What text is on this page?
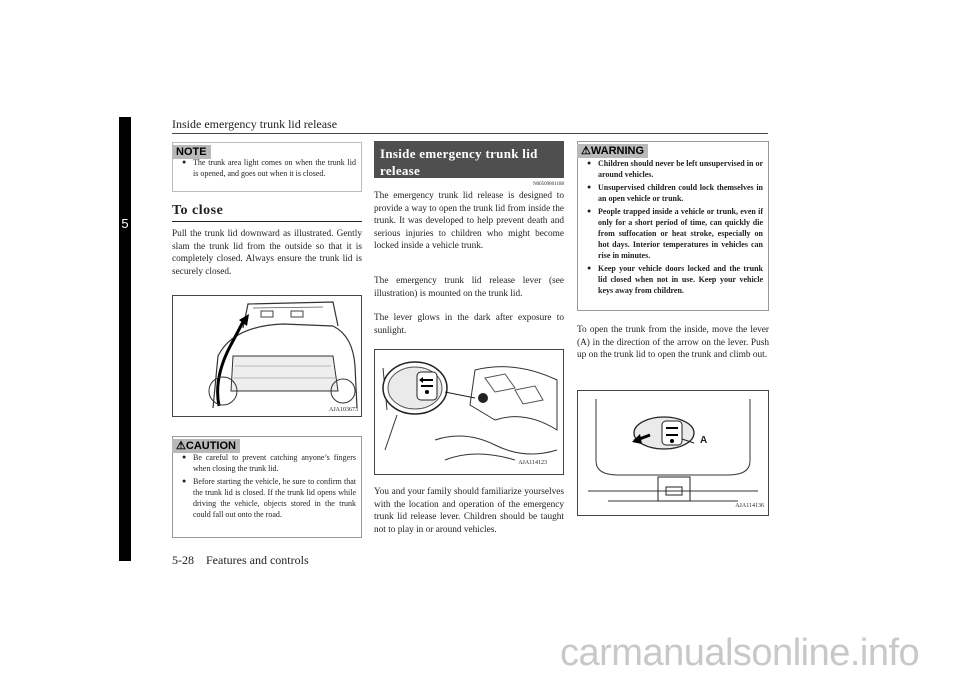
Inside emergency trunk lid release
5
NOTE
● The trunk area light comes on when the trunk lid is opened, and goes out when it is closed.
To close
Pull the trunk lid downward as illustrated. Gently slam the trunk lid from the outside so that it is completely closed. Always ensure the trunk lid is securely closed.
AJA103673
⚠CAUTION
● Be careful to prevent catching anyone’s fingers when closing the trunk lid.
● Before starting the vehicle, be sure to confirm that the trunk lid is closed. If the trunk lid opens while driving the vehicle, objects stored in the trunk could fall out onto the road.
Inside emergency trunk lid release
N00509801188
The emergency trunk lid release is designed to provide a way to open the trunk lid from inside the trunk. It was developed to help prevent death and serious injuries to children who might become locked inside a vehicle trunk.
The emergency trunk lid release lever (see illustration) is mounted on the trunk lid.
The lever glows in the dark after exposure to sunlight.
AJA114123
You and your family should familiarize yourselves with the location and operation of the emergency trunk lid release lever. Children should be taught not to play in or around vehicles.
⚠WARNING
● Children should never be left unsupervised in or around vehicles.
● Unsupervised children could lock themselves in an open vehicle or trunk.
● People trapped inside a vehicle or trunk, even if only for a short period of time, can quickly die from suffocation or heat stroke, especially on hot days. Interior temperatures in vehicles can rise in minutes.
● Keep your vehicle doors locked and the trunk lid closed when not in use. Keep your vehicle keys away from children.
To open the trunk from the inside, move the lever (A) in the direction of the arrow on the lever. Push up on the trunk lid to open the trunk and climb out.
A
AJA114136
5-28 Features and controls
carmanualsonline.info
